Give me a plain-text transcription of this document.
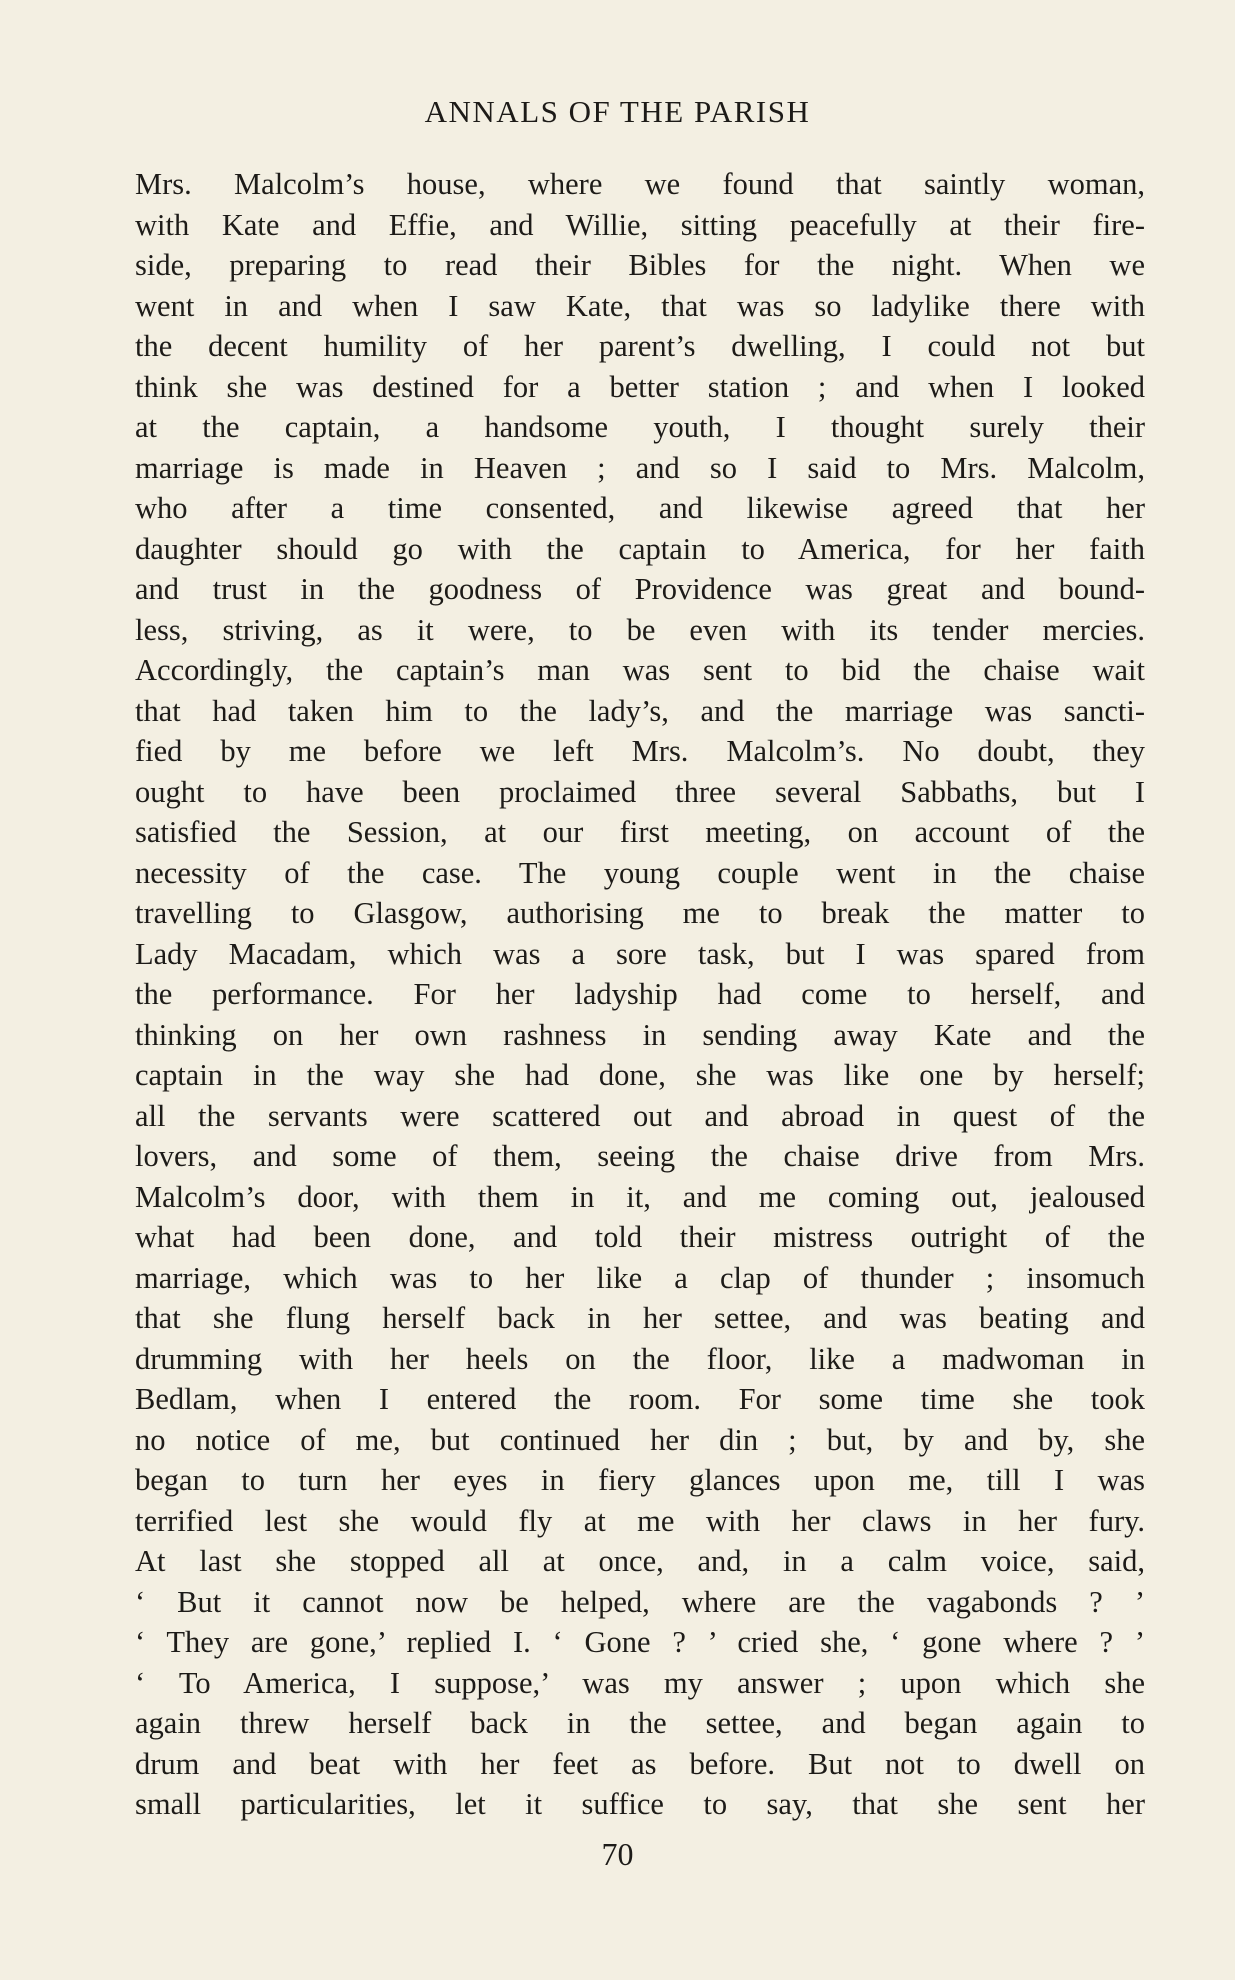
ANNALS OF THE PARISH
Mrs. Malcolm’s house, where we found that saintly woman,
with Kate and Effie, and Willie, sitting peacefully at their fire-
side, preparing to read their Bibles for the night. When we
went in and when I saw Kate, that was so ladylike there with
the decent humility of her parent’s dwelling, I could not but
think she was destined for a better station ; and when I looked
at the captain, a handsome youth, I thought surely their
marriage is made in Heaven ; and so I said to Mrs. Malcolm,
who after a time consented, and likewise agreed that her
daughter should go with the captain to America, for her faith
and trust in the goodness of Providence was great and bound-
less, striving, as it were, to be even with its tender mercies.
Accordingly, the captain’s man was sent to bid the chaise wait
that had taken him to the lady’s, and the marriage was sancti-
fied by me before we left Mrs. Malcolm’s. No doubt, they
ought to have been proclaimed three several Sabbaths, but I
satisfied the Session, at our first meeting, on account of the
necessity of the case. The young couple went in the chaise
travelling to Glasgow, authorising me to break the matter to
Lady Macadam, which was a sore task, but I was spared from
the performance. For her ladyship had come to herself, and
thinking on her own rashness in sending away Kate and the
captain in the way she had done, she was like one by herself;
all the servants were scattered out and abroad in quest of the
lovers, and some of them, seeing the chaise drive from Mrs.
Malcolm’s door, with them in it, and me coming out, jealoused
what had been done, and told their mistress outright of the
marriage, which was to her like a clap of thunder ; insomuch
that she flung herself back in her settee, and was beating and
drumming with her heels on the floor, like a madwoman in
Bedlam, when I entered the room. For some time she took
no notice of me, but continued her din ; but, by and by, she
began to turn her eyes in fiery glances upon me, till I was
terrified lest she would fly at me with her claws in her fury.
At last she stopped all at once, and, in a calm voice, said,
‘ But it cannot now be helped, where are the vagabonds ? ’
‘ They are gone,’ replied I. ‘ Gone ? ’ cried she, ‘ gone where ? ’
‘ To America, I suppose,’ was my answer ; upon which she
again threw herself back in the settee, and began again to
drum and beat with her feet as before. But not to dwell on
small particularities, let it suffice to say, that she sent her
70
